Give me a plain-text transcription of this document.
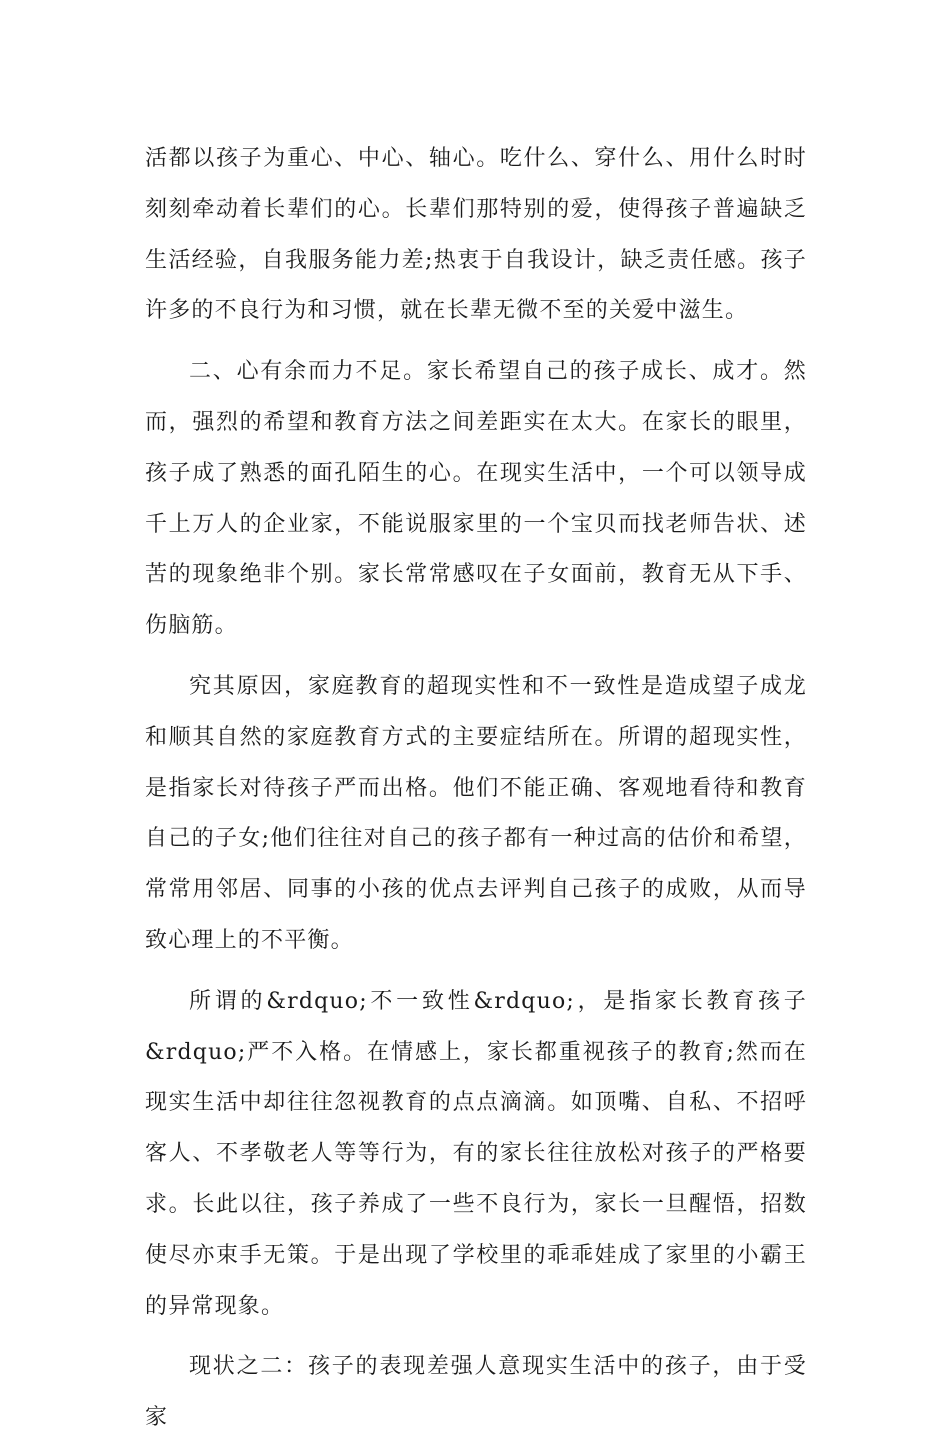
活都以孩子为重心、中心、轴心。吃什么、穿什么、用什么时时刻刻牵动着长辈们的心。长辈们那特别的爱，使得孩子普遍缺乏生活经验，自我服务能力差;热衷于自我设计，缺乏责任感。孩子许多的不良行为和习惯，就在长辈无微不至的关爱中滋生。

二、心有余而力不足。家长希望自己的孩子成长、成才。然而，强烈的希望和教育方法之间差距实在太大。在家长的眼里，孩子成了熟悉的面孔陌生的心。在现实生活中，一个可以领导成千上万人的企业家，不能说服家里的一个宝贝而找老师告状、述苦的现象绝非个别。家长常常感叹在子女面前，教育无从下手、伤脑筋。

究其原因，家庭教育的超现实性和不一致性是造成望子成龙和顺其自然的家庭教育方式的主要症结所在。所谓的超现实性，是指家长对待孩子严而出格。他们不能正确、客观地看待和教育自己的子女;他们往往对自己的孩子都有一种过高的估价和希望，常常用邻居、同事的小孩的优点去评判自己孩子的成败，从而导致心理上的不平衡。

所谓的&rdquo;不一致性&rdquo;，是指家长教育孩子&rdquo;严不入格。在情感上，家长都重视孩子的教育;然而在现实生活中却往往忽视教育的点点滴滴。如顶嘴、自私、不招呼客人、不孝敬老人等等行为，有的家长往往放松对孩子的严格要求。长此以往，孩子养成了一些不良行为，家长一旦醒悟，招数使尽亦束手无策。于是出现了学校里的乖乖娃成了家里的小霸王的异常现象。

现状之二：孩子的表现差强人意现实生活中的孩子，由于受家
